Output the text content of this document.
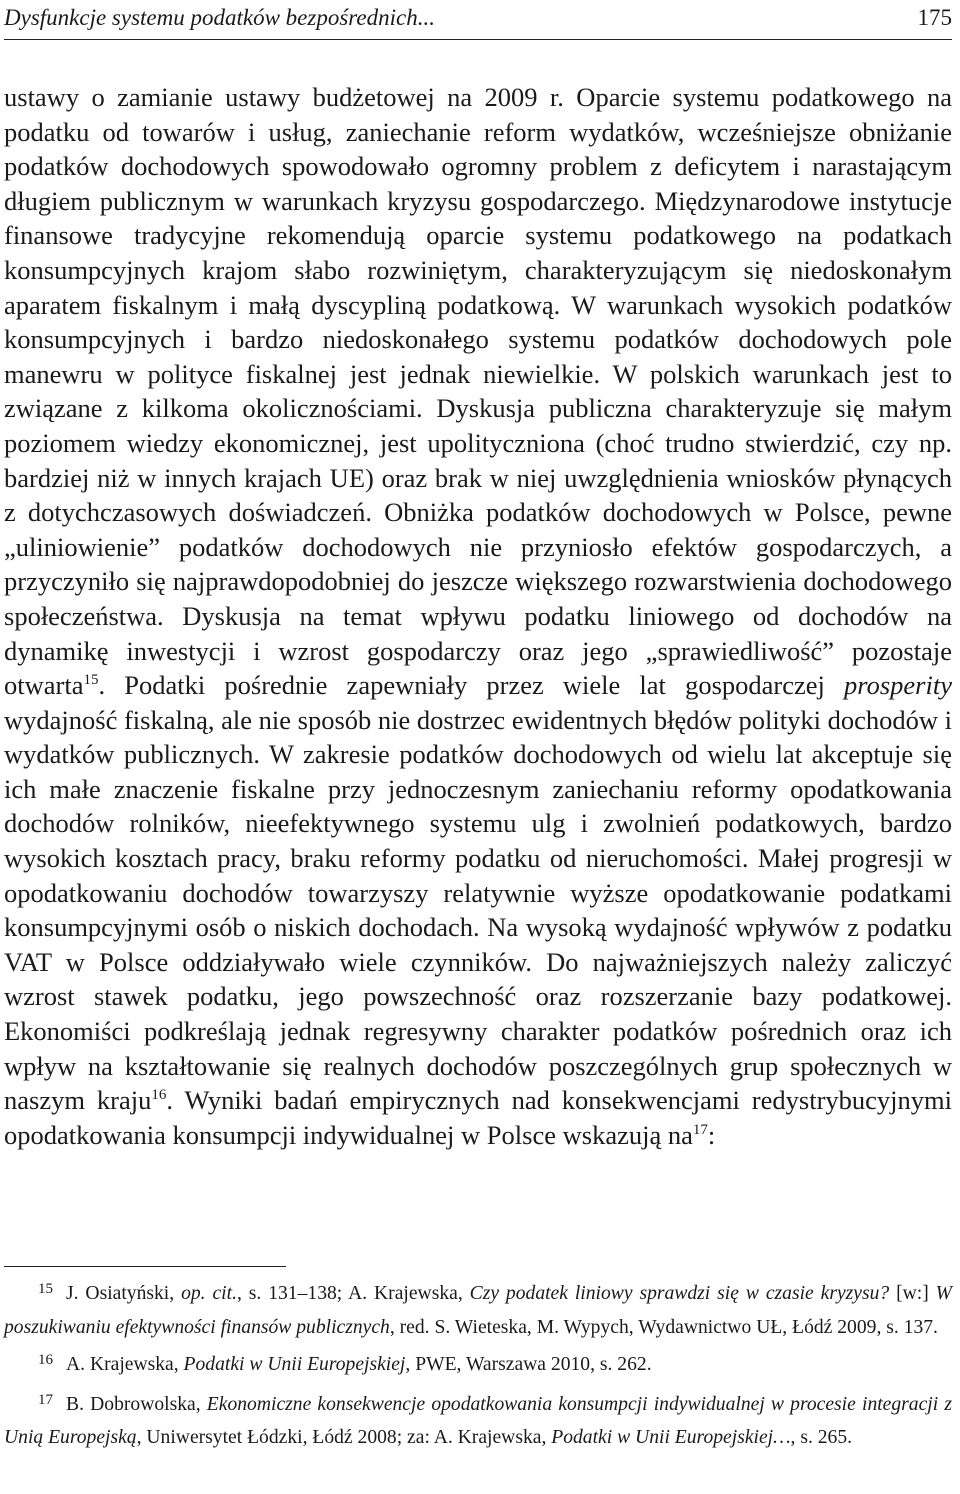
Dysfunkcje systemu podatków bezpośrednich...	175

ustawy o zamianie ustawy budżetowej na 2009 r. Oparcie systemu podatkowego na podatku od towarów i usług, zaniechanie reform wydatków, wcześniejsze obniżanie podatków dochodowych spowodowało ogromny problem z deficytem i narastającym długiem publicznym w warunkach kryzysu gospodarczego. Międzynarodowe instytucje finansowe tradycyjne rekomendują oparcie systemu podatkowego na podatkach konsumpcyjnych krajom słabo rozwiniętym, charakteryzującym się niedoskonałym aparatem fiskalnym i małą dyscypliną podatkową. W warunkach wysokich podatków konsumpcyjnych i bardzo niedoskonałego systemu podatków dochodowych pole manewru w polityce fiskalnej jest jednak niewielkie. W polskich warunkach jest to związane z kilkoma okolicznościami. Dyskusja publiczna charakteryzuje się małym poziomem wiedzy ekonomicznej, jest upolityczniona (choć trudno stwierdzić, czy np. bardziej niż w innych krajach UE) oraz brak w niej uwzględnienia wniosków płynących z dotychczasowych doświadczeń. Obniżka podatków dochodowych w Polsce, pewne „uliniowienie” podatków dochodowych nie przyniosło efektów gospodarczych, a przyczyniło się najprawdopodobniej do jeszcze większego rozwarstwienia dochodowego społeczeństwa. Dyskusja na temat wpływu podatku liniowego od dochodów na dynamikę inwestycji i wzrost gospodarczy oraz jego „sprawiedliwość” pozostaje otwarta$^{15}$. Podatki pośrednie zapewniały przez wiele lat gospodarczej prosperity wydajność fiskalną, ale nie sposób nie dostrzec ewidentnych błędów polityki dochodów i wydatków publicznych. W zakresie podatków dochodowych od wielu lat akceptuje się ich małe znaczenie fiskalne przy jednoczesnym zaniechaniu reformy opodatkowania dochodów rolników, nieefektywnego systemu ulg i zwolnień podatkowych, bardzo wysokich kosztach pracy, braku reformy podatku od nieruchomości. Małej progresji w opodatkowaniu dochodów towarzyszy relatywnie wyższe opodatkowanie podatkami konsumpcyjnymi osób o niskich dochodach. Na wysoką wydajność wpływów z podatku VAT w Polsce oddziaływało wiele czynników. Do najważniejszych należy zaliczyć wzrost stawek podatku, jego powszechność oraz rozszerzanie bazy podatkowej. Ekonomiści podkreślają jednak regresywny charakter podatków pośrednich oraz ich wpływ na kształtowanie się realnych dochodów poszczególnych grup społecznych w naszym kraju$^{16}$. Wyniki badań empirycznych nad konsekwencjami redystrybucyjnymi opodatkowania konsumpcji indywidualnej w Polsce wskazują $na^{17}$:

15 J. Osiatyński, op. cit., s. 131–138; A. Krajewska, Czy podatek liniowy sprawdzi się w czasie kryzysu? [w:] W poszukiwaniu efektywności finansów publicznych, red. S. Wieteska, M. Wypych, Wydawnictwo UŁ, Łódź 2009, s. 137.

16 A. Krajewska, Podatki w Unii Europejskiej, PWE, Warszawa 2010, s. 262.

17 B. Dobrowolska, Ekonomiczne konsekwencje opodatkowania konsumpcji indywidualnej w procesie integracji z Unią Europejską, Uniwersytet Łódzki, Łódź 2008; za: A. Krajewska, Podatki w Unii Europejskiej…, s. 265.
